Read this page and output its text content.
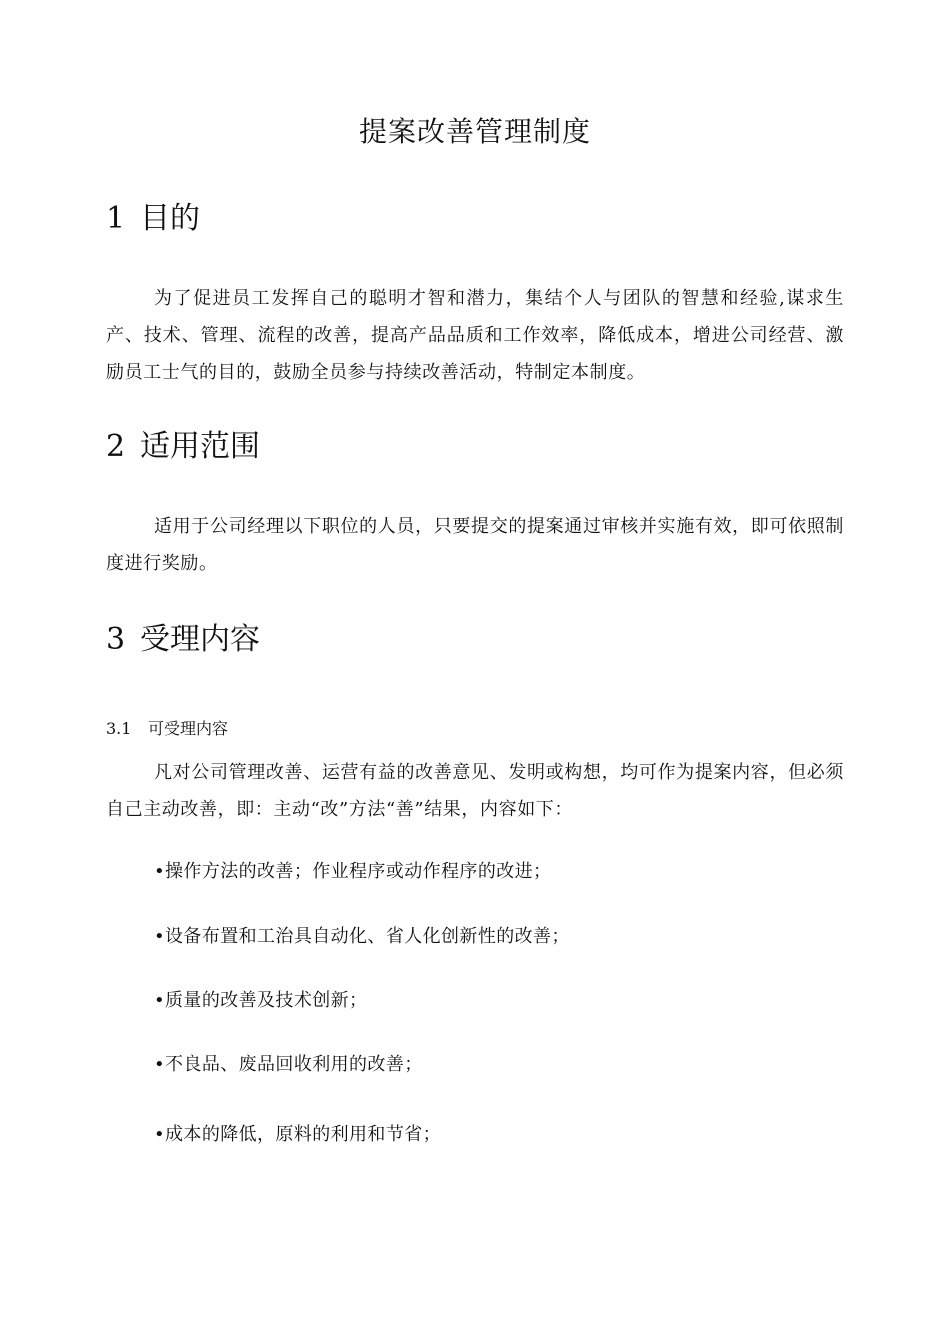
提案改善管理制度
1 目的

为了促进员工发挥自己的聪明才智和潜力，集结个人与团队的智慧和经验,谋求生产、技术、管理、流程的改善，提高产品品质和工作效率，降低成本，增进公司经营、激励员工士气的目的，鼓励全员参与持续改善活动，特制定本制度。

2 适用范围

适用于公司经理以下职位的人员，只要提交的提案通过审核并实施有效，即可依照制度进行奖励。

3 受理内容
3.1 可受理内容

凡对公司管理改善、运营有益的改善意见、发明或构想，均可作为提案内容，但必须自己主动改善，即：主动“改”方法“善”结果，内容如下：

•操作方法的改善；作业程序或动作程序的改进；

•设备布置和工治具自动化、省人化创新性的改善；

•质量的改善及技术创新；

•不良品、废品回收利用的改善；

•成本的降低，原料的利用和节省；
